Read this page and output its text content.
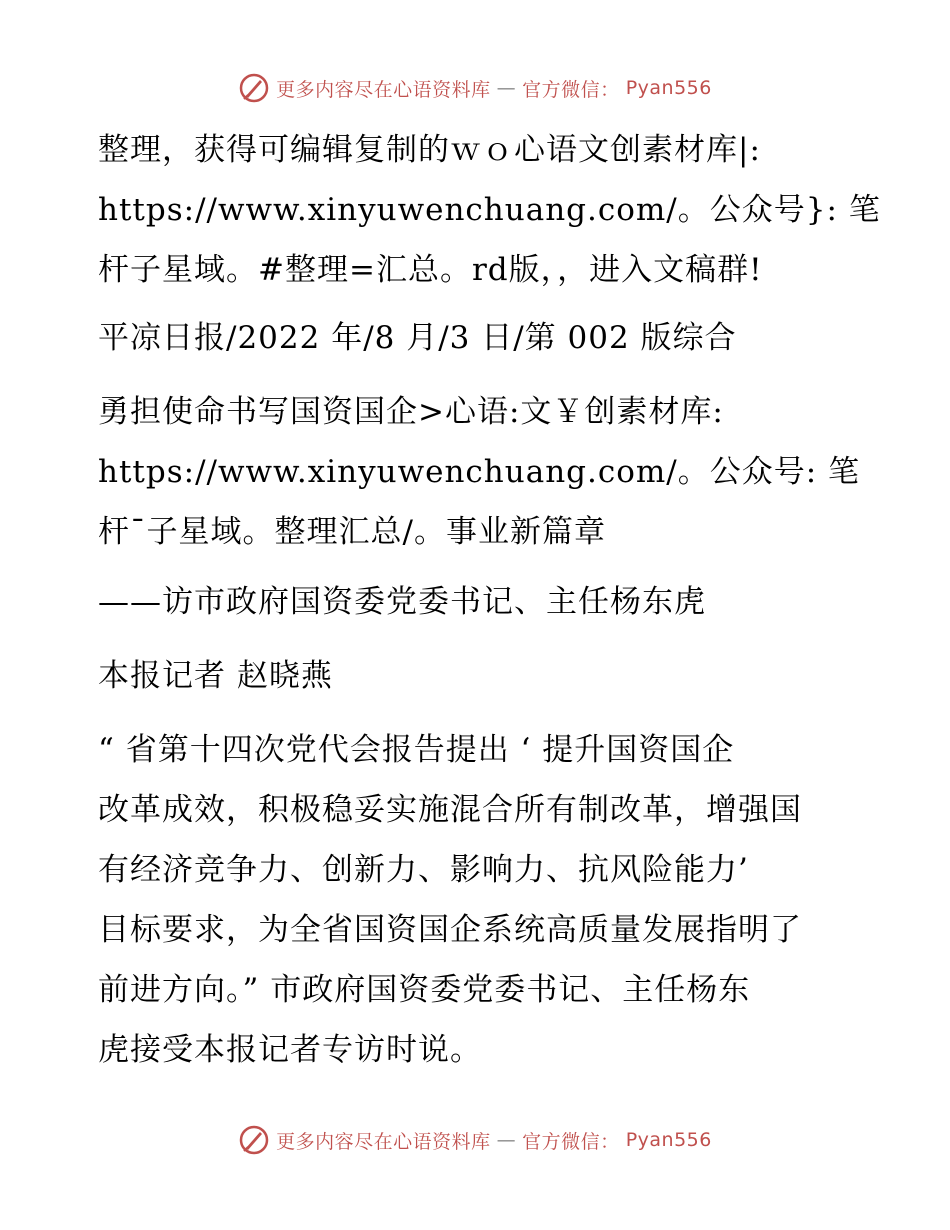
更多内容尽在心语资料库 — 官方微信： Pyan556
整理，获得可编辑复制的ｗｏ心语文创素材库|:
https://www.xinyuwenchuang.com/。公众号}: 笔
杆子星域。#整理=汇总。rd版，，进入文稿群!
平凉日报/2022 年/8 月/3 日/第 002 版综合
勇担使命书写国资国企>心语:文￥创素材库:
https://www.xinyuwenchuang.com/。公众号: 笔
杆¯子星域。整理汇总/。事业新篇章
——访市政府国资委党委书记、主任杨东虎
本报记者 赵晓燕
“ 省第十四次党代会报告提出 ‘ 提升国资国企
改革成效，积极稳妥实施混合所有制改革，增强国
有经济竞争力、创新力、影响力、抗风险能力’
目标要求，为全省国资国企系统高质量发展指明了
前进方向。” 市政府国资委党委书记、主任杨东
虎接受本报记者专访时说。
更多内容尽在心语资料库 — 官方微信： Pyan556
